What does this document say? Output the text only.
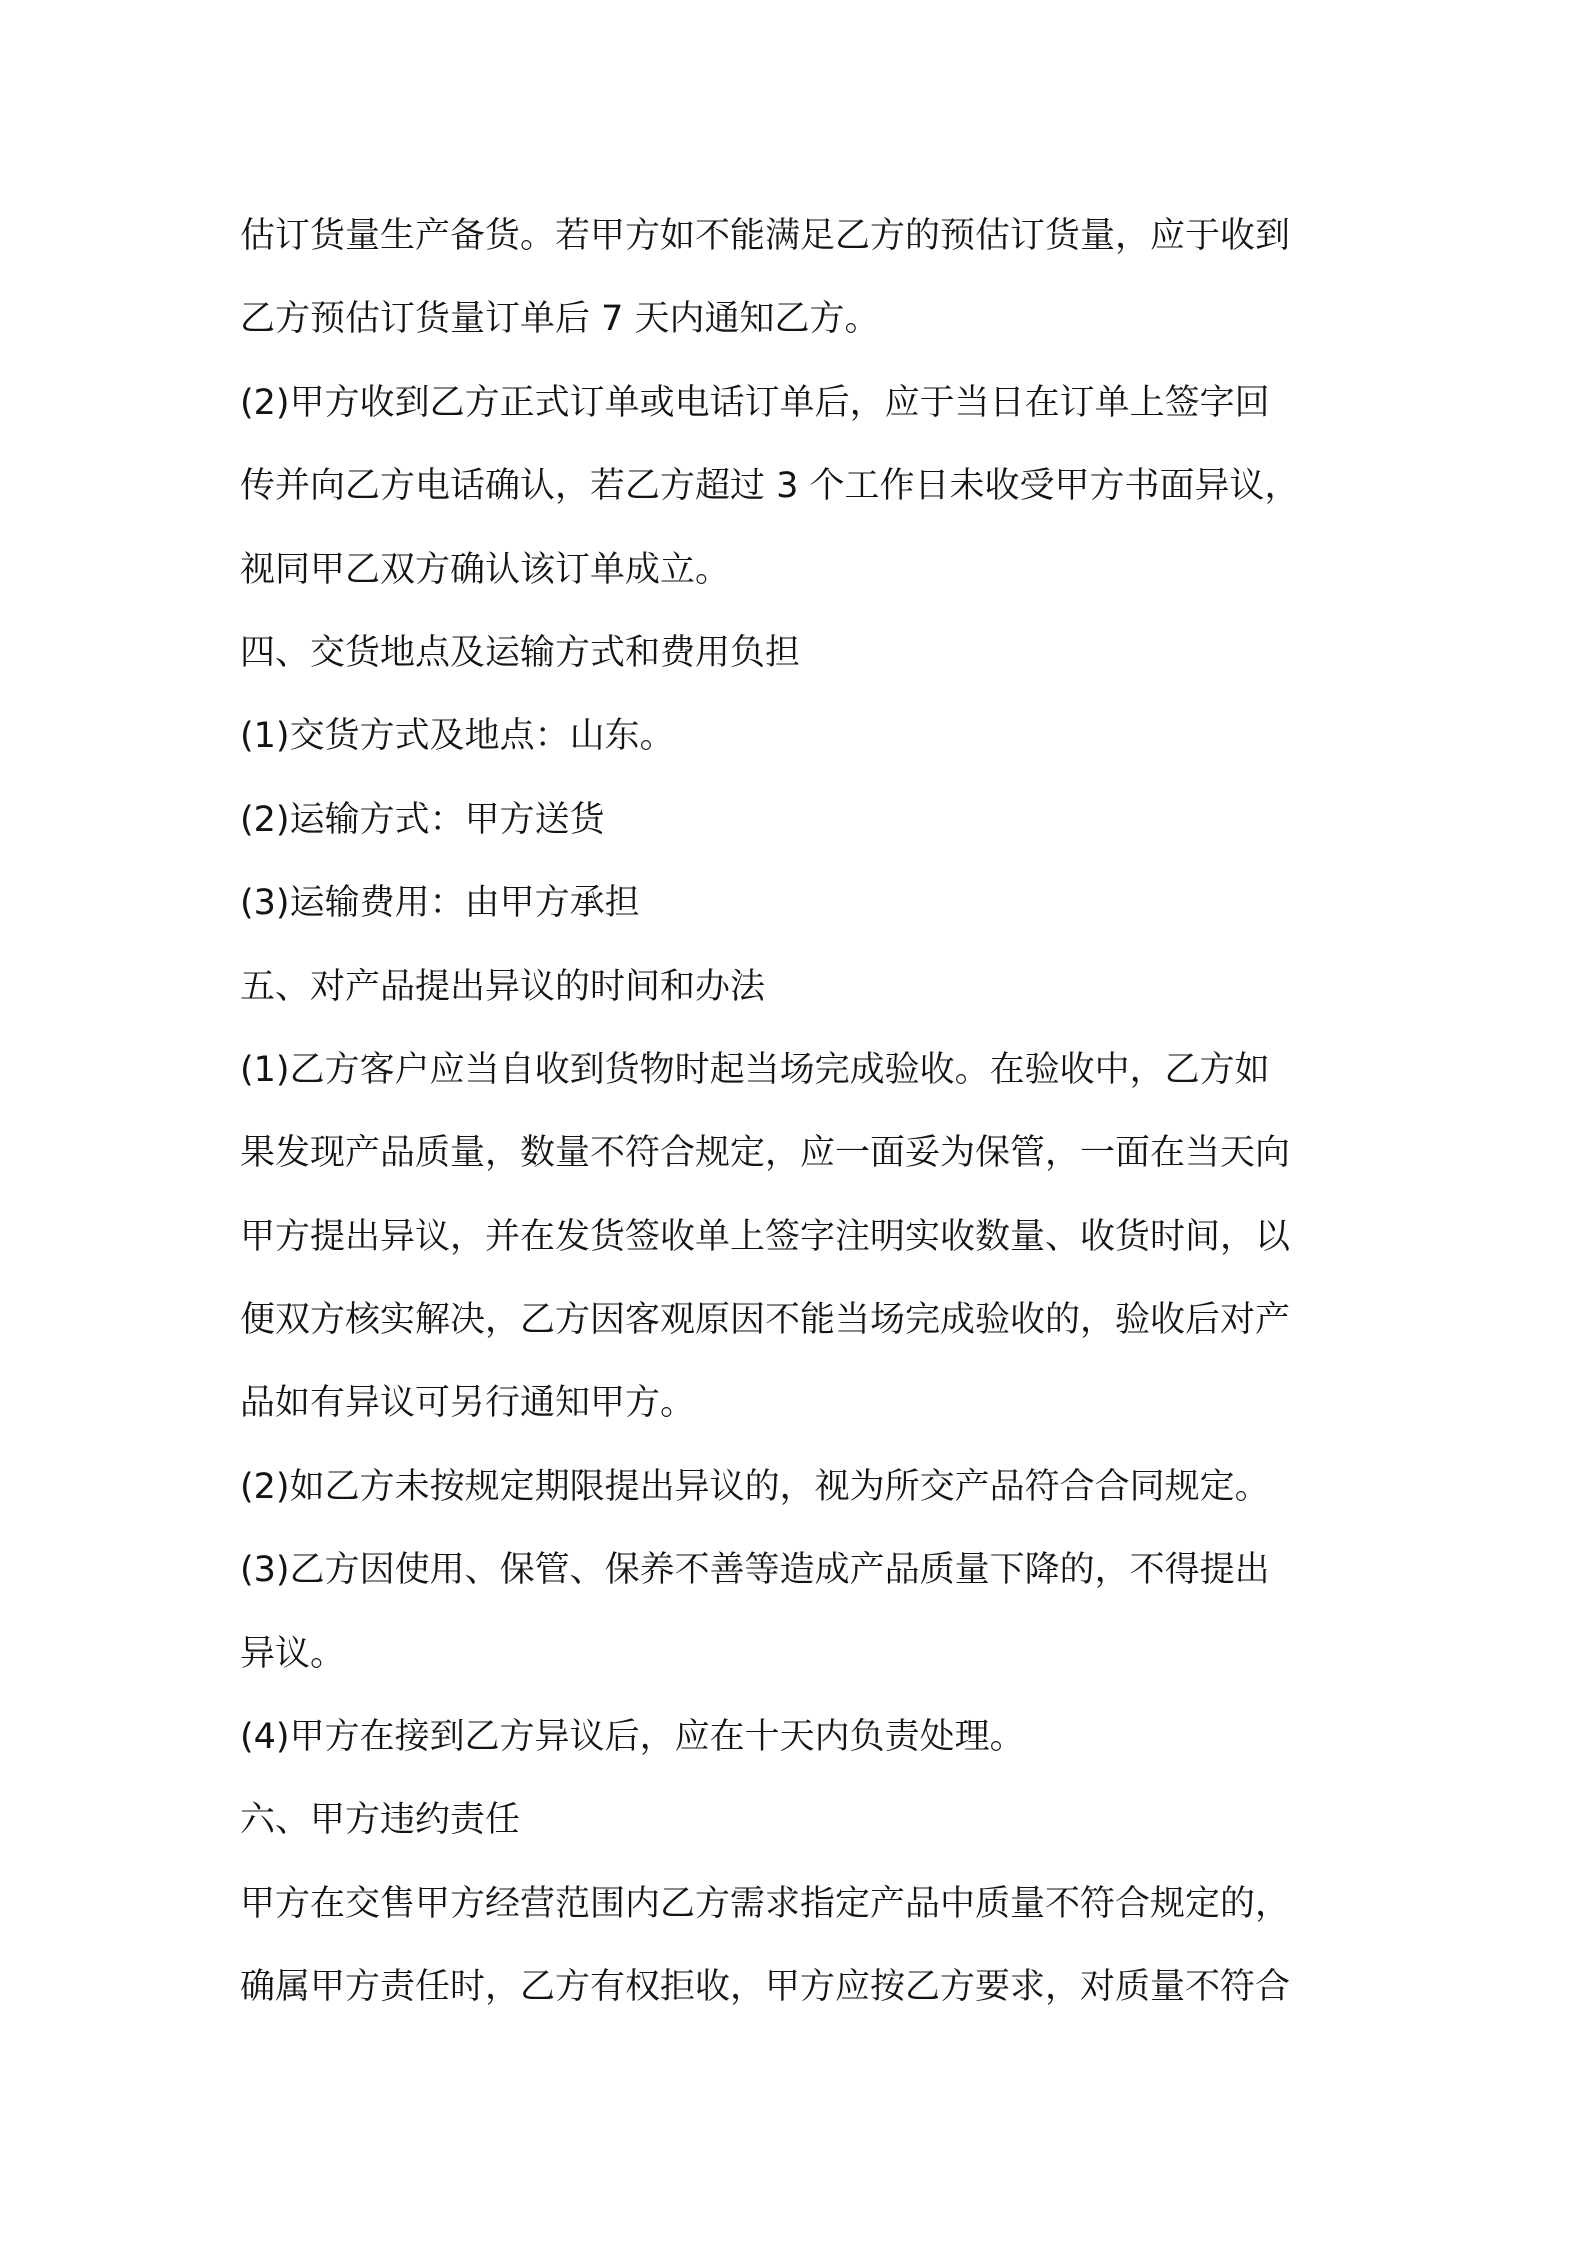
估订货量生产备货。若甲方如不能满足乙方的预估订货量，应于收到
乙方预估订货量订单后 7 天内通知乙方。
(2)甲方收到乙方正式订单或电话订单后，应于当日在订单上签字回
传并向乙方电话确认，若乙方超过 3 个工作日未收受甲方书面异议，
视同甲乙双方确认该订单成立。
四、交货地点及运输方式和费用负担
(1)交货方式及地点：山东。
(2)运输方式：甲方送货
(3)运输费用：由甲方承担
五、对产品提出异议的时间和办法
(1)乙方客户应当自收到货物时起当场完成验收。在验收中，乙方如
果发现产品质量，数量不符合规定，应一面妥为保管，一面在当天向
甲方提出异议，并在发货签收单上签字注明实收数量、收货时间，以
便双方核实解决，乙方因客观原因不能当场完成验收的，验收后对产
品如有异议可另行通知甲方。
(2)如乙方未按规定期限提出异议的，视为所交产品符合合同规定。
(3)乙方因使用、保管、保养不善等造成产品质量下降的，不得提出
异议。
(4)甲方在接到乙方异议后，应在十天内负责处理。
六、甲方违约责任
甲方在交售甲方经营范围内乙方需求指定产品中质量不符合规定的，
确属甲方责任时，乙方有权拒收，甲方应按乙方要求，对质量不符合
